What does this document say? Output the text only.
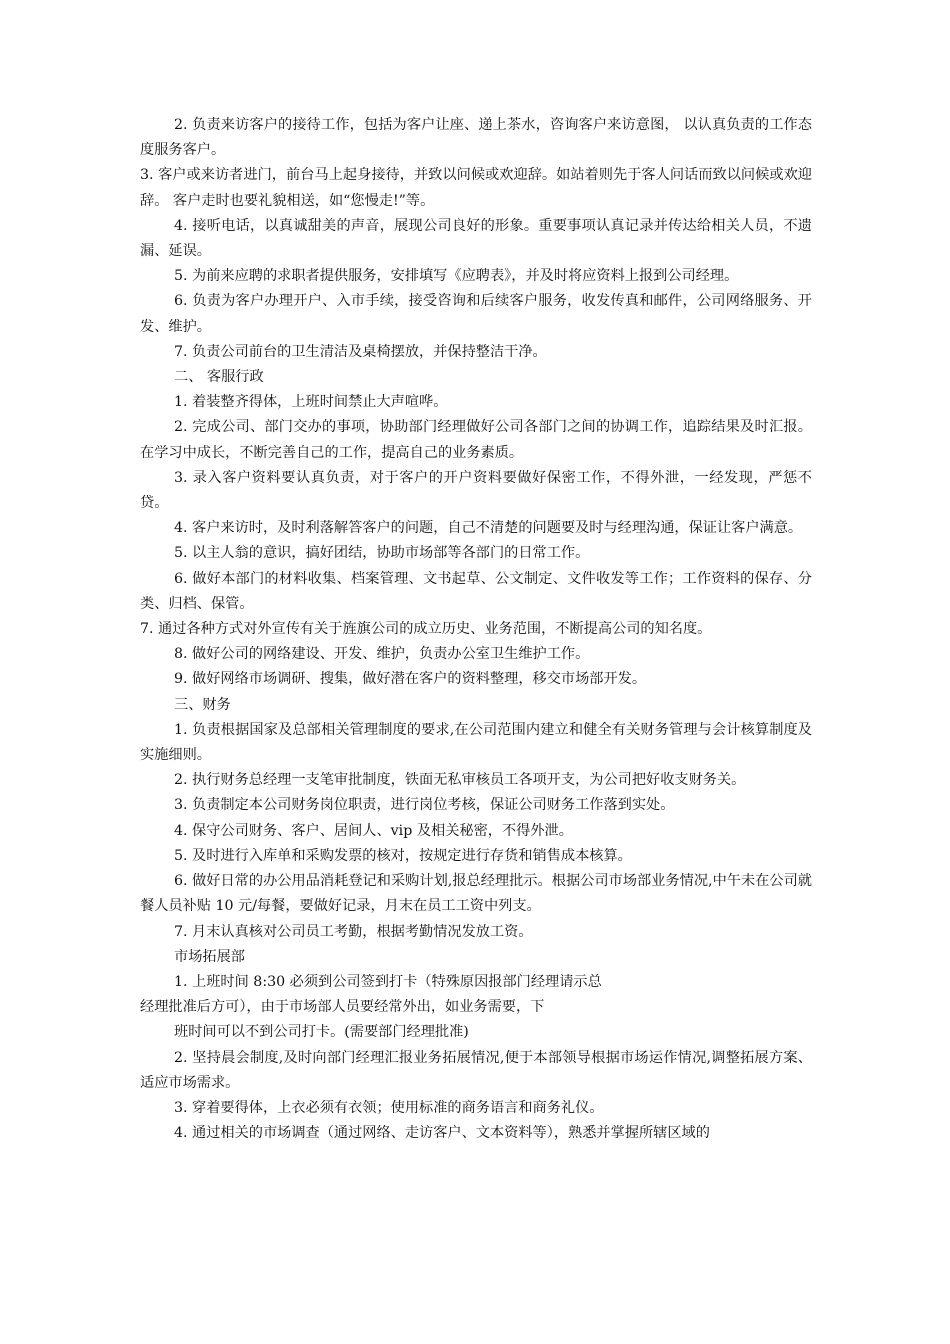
2. 负责来访客户的接待工作，包括为客户让座、递上茶水，咨询客户来访意图， 以认真负责的工作态度服务客户。

3. 客户或来访者进门，前台马上起身接待，并致以问候或欢迎辞。如站着则先于客人问话而致以问候或欢迎辞。 客户走时也要礼貌相送，如“您慢走!”等。

4. 接听电话，以真诚甜美的声音，展现公司良好的形象。重要事项认真记录并传达给相关人员，不遗漏、延误。

5. 为前来应聘的求职者提供服务，安排填写《应聘表》，并及时将应资料上报到公司经理。

6. 负责为客户办理开户、入市手续，接受咨询和后续客户服务，收发传真和邮件，公司网络服务、开发、维护。

7. 负责公司前台的卫生清洁及桌椅摆放，并保持整洁干净。

二、 客服行政

1. 着装整齐得体，上班时间禁止大声喧哗。

2. 完成公司、部门交办的事项，协助部门经理做好公司各部门之间的协调工作，追踪结果及时汇报。在学习中成长，不断完善自己的工作，提高自己的业务素质。

3. 录入客户资料要认真负责，对于客户的开户资料要做好保密工作，不得外泄，一经发现，严惩不贷。

4. 客户来访时，及时利落解答客户的问题，自己不清楚的问题要及时与经理沟通，保证让客户满意。

5. 以主人翁的意识，搞好团结，协助市场部等各部门的日常工作。

6. 做好本部门的材料收集、档案管理、文书起草、公文制定、文件收发等工作；工作资料的保存、分类、归档、保管。

7. 通过各种方式对外宣传有关于旌旗公司的成立历史、业务范围，不断提高公司的知名度。

8. 做好公司的网络建设、开发、维护，负责办公室卫生维护工作。

9. 做好网络市场调研、搜集，做好潜在客户的资料整理，移交市场部开发。

三、财务

1. 负责根据国家及总部相关管理制度的要求,在公司范围内建立和健全有关财务管理与会计核算制度及实施细则。

2. 执行财务总经理一支笔审批制度，铁面无私审核员工各项开支，为公司把好收支财务关。

3. 负责制定本公司财务岗位职责，进行岗位考核，保证公司财务工作落到实处。

4. 保守公司财务、客户、居间人、vip 及相关秘密，不得外泄。

5. 及时进行入库单和采购发票的核对，按规定进行存货和销售成本核算。

6. 做好日常的办公用品消耗登记和采购计划,报总经理批示。根据公司市场部业务情况,中午未在公司就餐人员补贴 10 元/每餐，要做好记录，月末在员工工资中列支。

7. 月末认真核对公司员工考勤，根据考勤情况发放工资。

市场拓展部

1. 上班时间 8:30 必须到公司签到打卡（特殊原因报部门经理请示总

经理批准后方可），由于市场部人员要经常外出，如业务需要，下

班时间可以不到公司打卡。(需要部门经理批准)

2. 坚持晨会制度,及时向部门经理汇报业务拓展情况,便于本部领导根据市场运作情况,调整拓展方案、适应市场需求。

3. 穿着要得体，上衣必须有衣领；使用标准的商务语言和商务礼仪。

4. 通过相关的市场调查（通过网络、走访客户、文本资料等），熟悉并掌握所辖区域的
